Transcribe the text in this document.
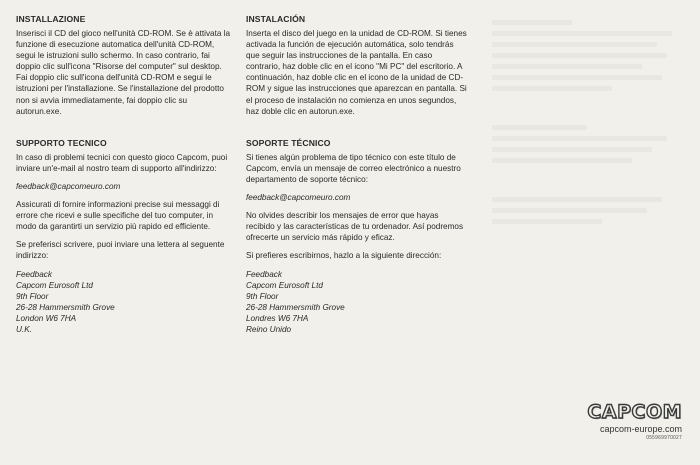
INSTALLAZIONE

Inserisci il CD del gioco nell'unità CD-ROM. Se è attivata la funzione di esecuzione automatica dell'unità CD-ROM, segui le istruzioni sullo schermo. In caso contrario, fai doppio clic sull'icona "Risorse del computer" sul desktop. Fai doppio clic sull'icona dell'unità CD-ROM e segui le istruzioni per l'installazione. Se l'installazione del prodotto non si avvia immediatamente, fai doppio clic su autorun.exe.

SUPPORTO TECNICO

In caso di problemi tecnici con questo gioco Capcom, puoi inviare un'e-mail al nostro team di supporto all'indirizzo:

feedback@capcomeuro.com

Assicurati di fornire informazioni precise sui messaggi di errore che ricevi e sulle specifiche del tuo computer, in modo da garantirti un servizio più rapido ed efficiente.

Se preferisci scrivere, puoi inviare una lettera al seguente indirizzo:

Feedback
Capcom Eurosoft Ltd
9th Floor
26-28 Hammersmith Grove
London W6 7HA
U.K.
INSTALACIÓN

Inserta el disco del juego en la unidad de CD-ROM. Si tienes activada la función de ejecución automática, solo tendrás que seguir las instrucciones de la pantalla. En caso contrario, haz doble clic en el icono "Mi PC" del escritorio. A continuación, haz doble clic en el icono de la unidad de CD-ROM y sigue las instrucciones que aparezcan en pantalla. Si el proceso de instalación no comienza en unos segundos, haz doble clic en autorun.exe.

SOPORTE TÉCNICO

Si tienes algún problema de tipo técnico con este título de Capcom, envía un mensaje de correo electrónico a nuestro departamento de soporte técnico:

feedback@capcomeuro.com

No olvides describir los mensajes de error que hayas recibido y las características de tu ordenador. Así podremos ofrecerte un servicio más rápido y eficaz.

Si prefieres escribirnos, hazlo a la siguiente dirección:

Feedback
Capcom Eurosoft Ltd
9th Floor
26-28 Hammersmith Grove
Londres W6 7HA
Reino Unido
CAPCOM
capcom-europe.com
055969970027
